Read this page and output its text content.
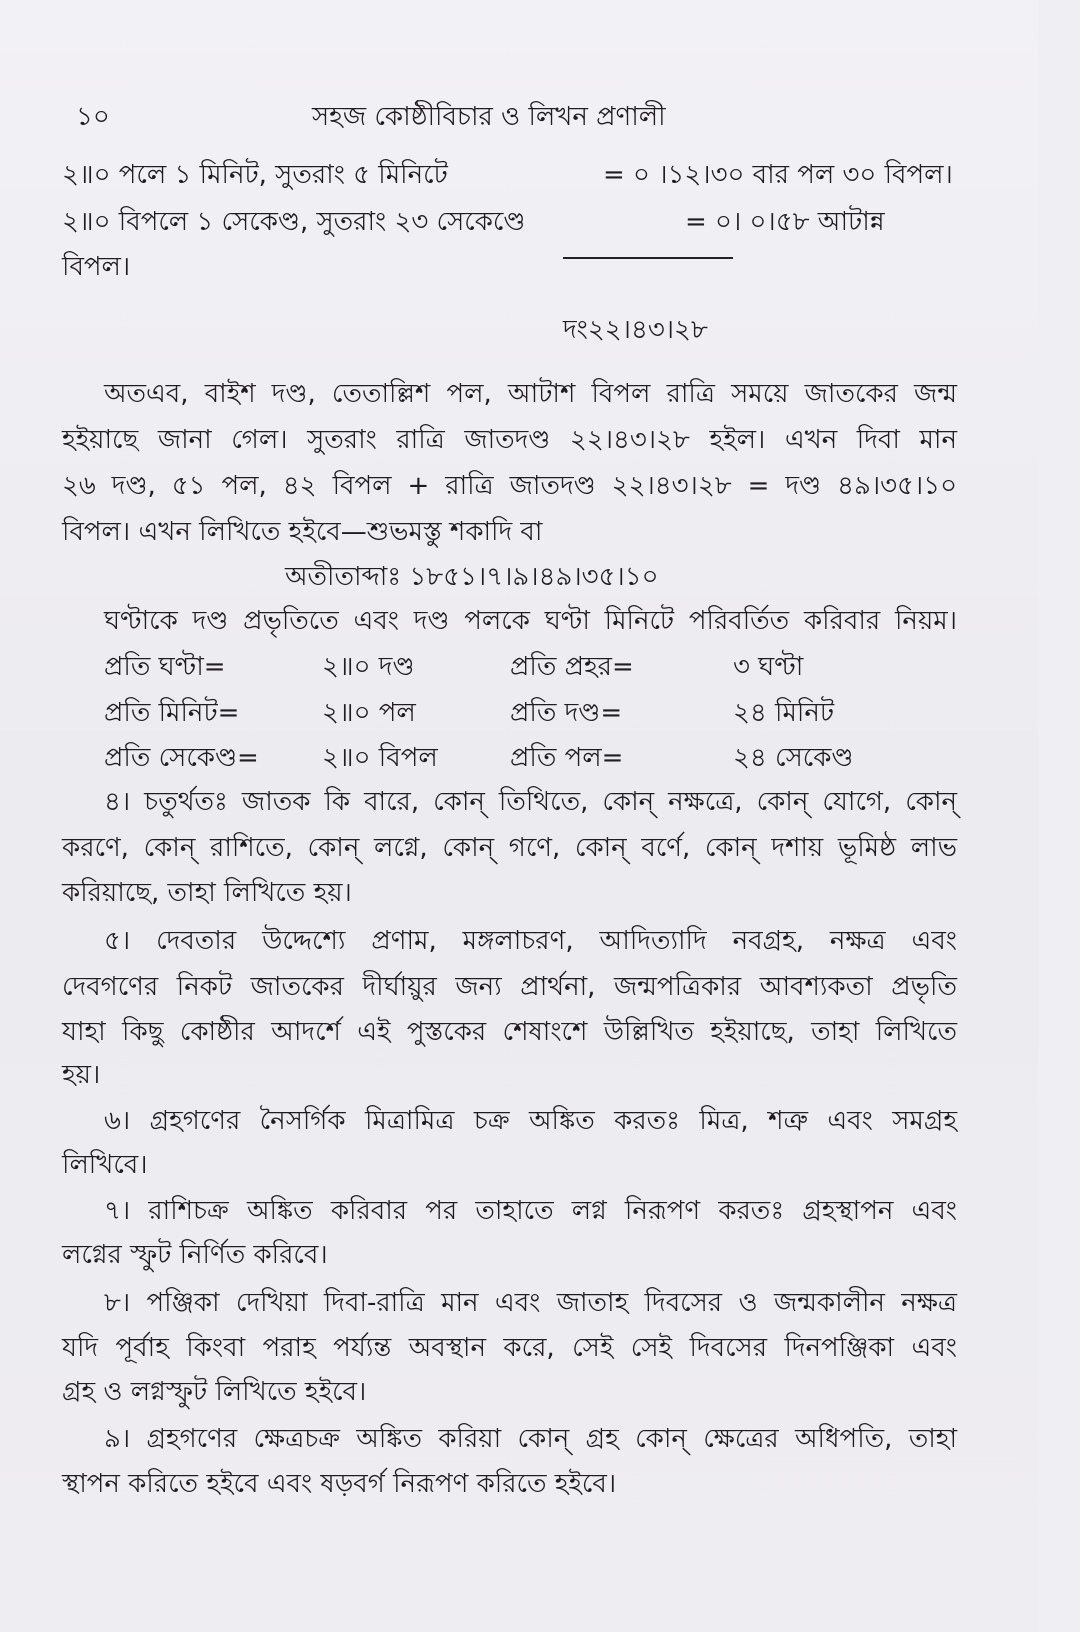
১০	সহজ কোষ্ঠীবিচার ও লিখন প্রণালী
২॥০ পলে ১ মিনিট, সুতরাং ৫ মিনিটে	= ০ ।১২।৩০ বার পল ৩০ বিপল।
২॥০ বিপলে ১ সেকেণ্ড, সুতরাং ২৩ সেকেণ্ডে	= ০। ০।৫৮ আটান্ন
বিপল।
দং২২।৪৩।২৮
অতএব, বাইশ দণ্ড, তেতাল্লিশ পল, আটাশ বিপল রাত্রি সময়ে জাতকের জন্ম
হইয়াছে জানা গেল। সুতরাং রাত্রি জাতদণ্ড ২২।৪৩।২৮ হইল। এখন দিবা মান
২৬ দণ্ড, ৫১ পল, ৪২ বিপল + রাত্রি জাতদণ্ড ২২।৪৩।২৮ = দণ্ড ৪৯।৩৫।১০
বিপল। এখন লিখিতে হইবে—শুভমস্তু শকাদি বা
অতীতাব্দাঃ ১৮৫১।৭।৯।৪৯।৩৫।১০
ঘণ্টাকে দণ্ড প্রভৃতিতে এবং দণ্ড পলকে ঘণ্টা মিনিটে পরিবর্তিত করিবার নিয়ম।
প্রতি ঘণ্টা=	২॥০ দণ্ড	প্রতি প্রহর=	৩ ঘণ্টা
প্রতি মিনিট=	২॥০ পল	প্রতি দণ্ড=	২৪ মিনিট
প্রতি সেকেণ্ড= ২॥০ বিপল	প্রতি পল=	২৪ সেকেণ্ড
৪। চতুর্থতঃ জাতক কি বারে, কোন্ তিথিতে, কোন্ নক্ষত্রে, কোন্ যোগে, কোন্
করণে, কোন্ রাশিতে, কোন্ লগ্নে, কোন্ গণে, কোন্ বর্ণে, কোন্ দশায় ভূমিষ্ঠ লাভ
করিয়াছে, তাহা লিখিতে হয়।
৫। দেবতার উদ্দেশ্যে প্রণাম, মঙ্গলাচরণ, আদিত্যাদি নবগ্রহ, নক্ষত্র এবং
দেবগণের নিকট জাতকের দীর্ঘায়ুর জন্য প্রার্থনা, জন্মপত্রিকার আবশ্যকতা প্রভৃতি
যাহা কিছু কোষ্ঠীর আদর্শে এই পুস্তকের শেষাংশে উল্লিখিত হইয়াছে, তাহা লিখিতে
হয়।
৬। গ্রহগণের নৈসর্গিক মিত্রামিত্র চক্র অঙ্কিত করতঃ মিত্র, শত্রু এবং সমগ্রহ
লিখিবে।
৭। রাশিচক্র অঙ্কিত করিবার পর তাহাতে লগ্ন নিরূপণ করতঃ গ্রহস্থাপন এবং
লগ্নের স্ফুট নির্ণিত করিবে।
৮। পঞ্জিকা দেখিয়া দিবা-রাত্রি মান এবং জাতাহ দিবসের ও জন্মকালীন নক্ষত্র
যদি পূর্বাহ কিংবা পরাহ পর্য্যন্ত অবস্থান করে, সেই সেই দিবসের দিনপঞ্জিকা এবং
গ্রহ ও লগ্নস্ফুট লিখিতে হইবে।
৯। গ্রহগণের ক্ষেত্রচক্র অঙ্কিত করিয়া কোন্ গ্রহ কোন্ ক্ষেত্রের অধিপতি, তাহা
স্থাপন করিতে হইবে এবং ষড়বর্গ নিরূপণ করিতে হইবে।
